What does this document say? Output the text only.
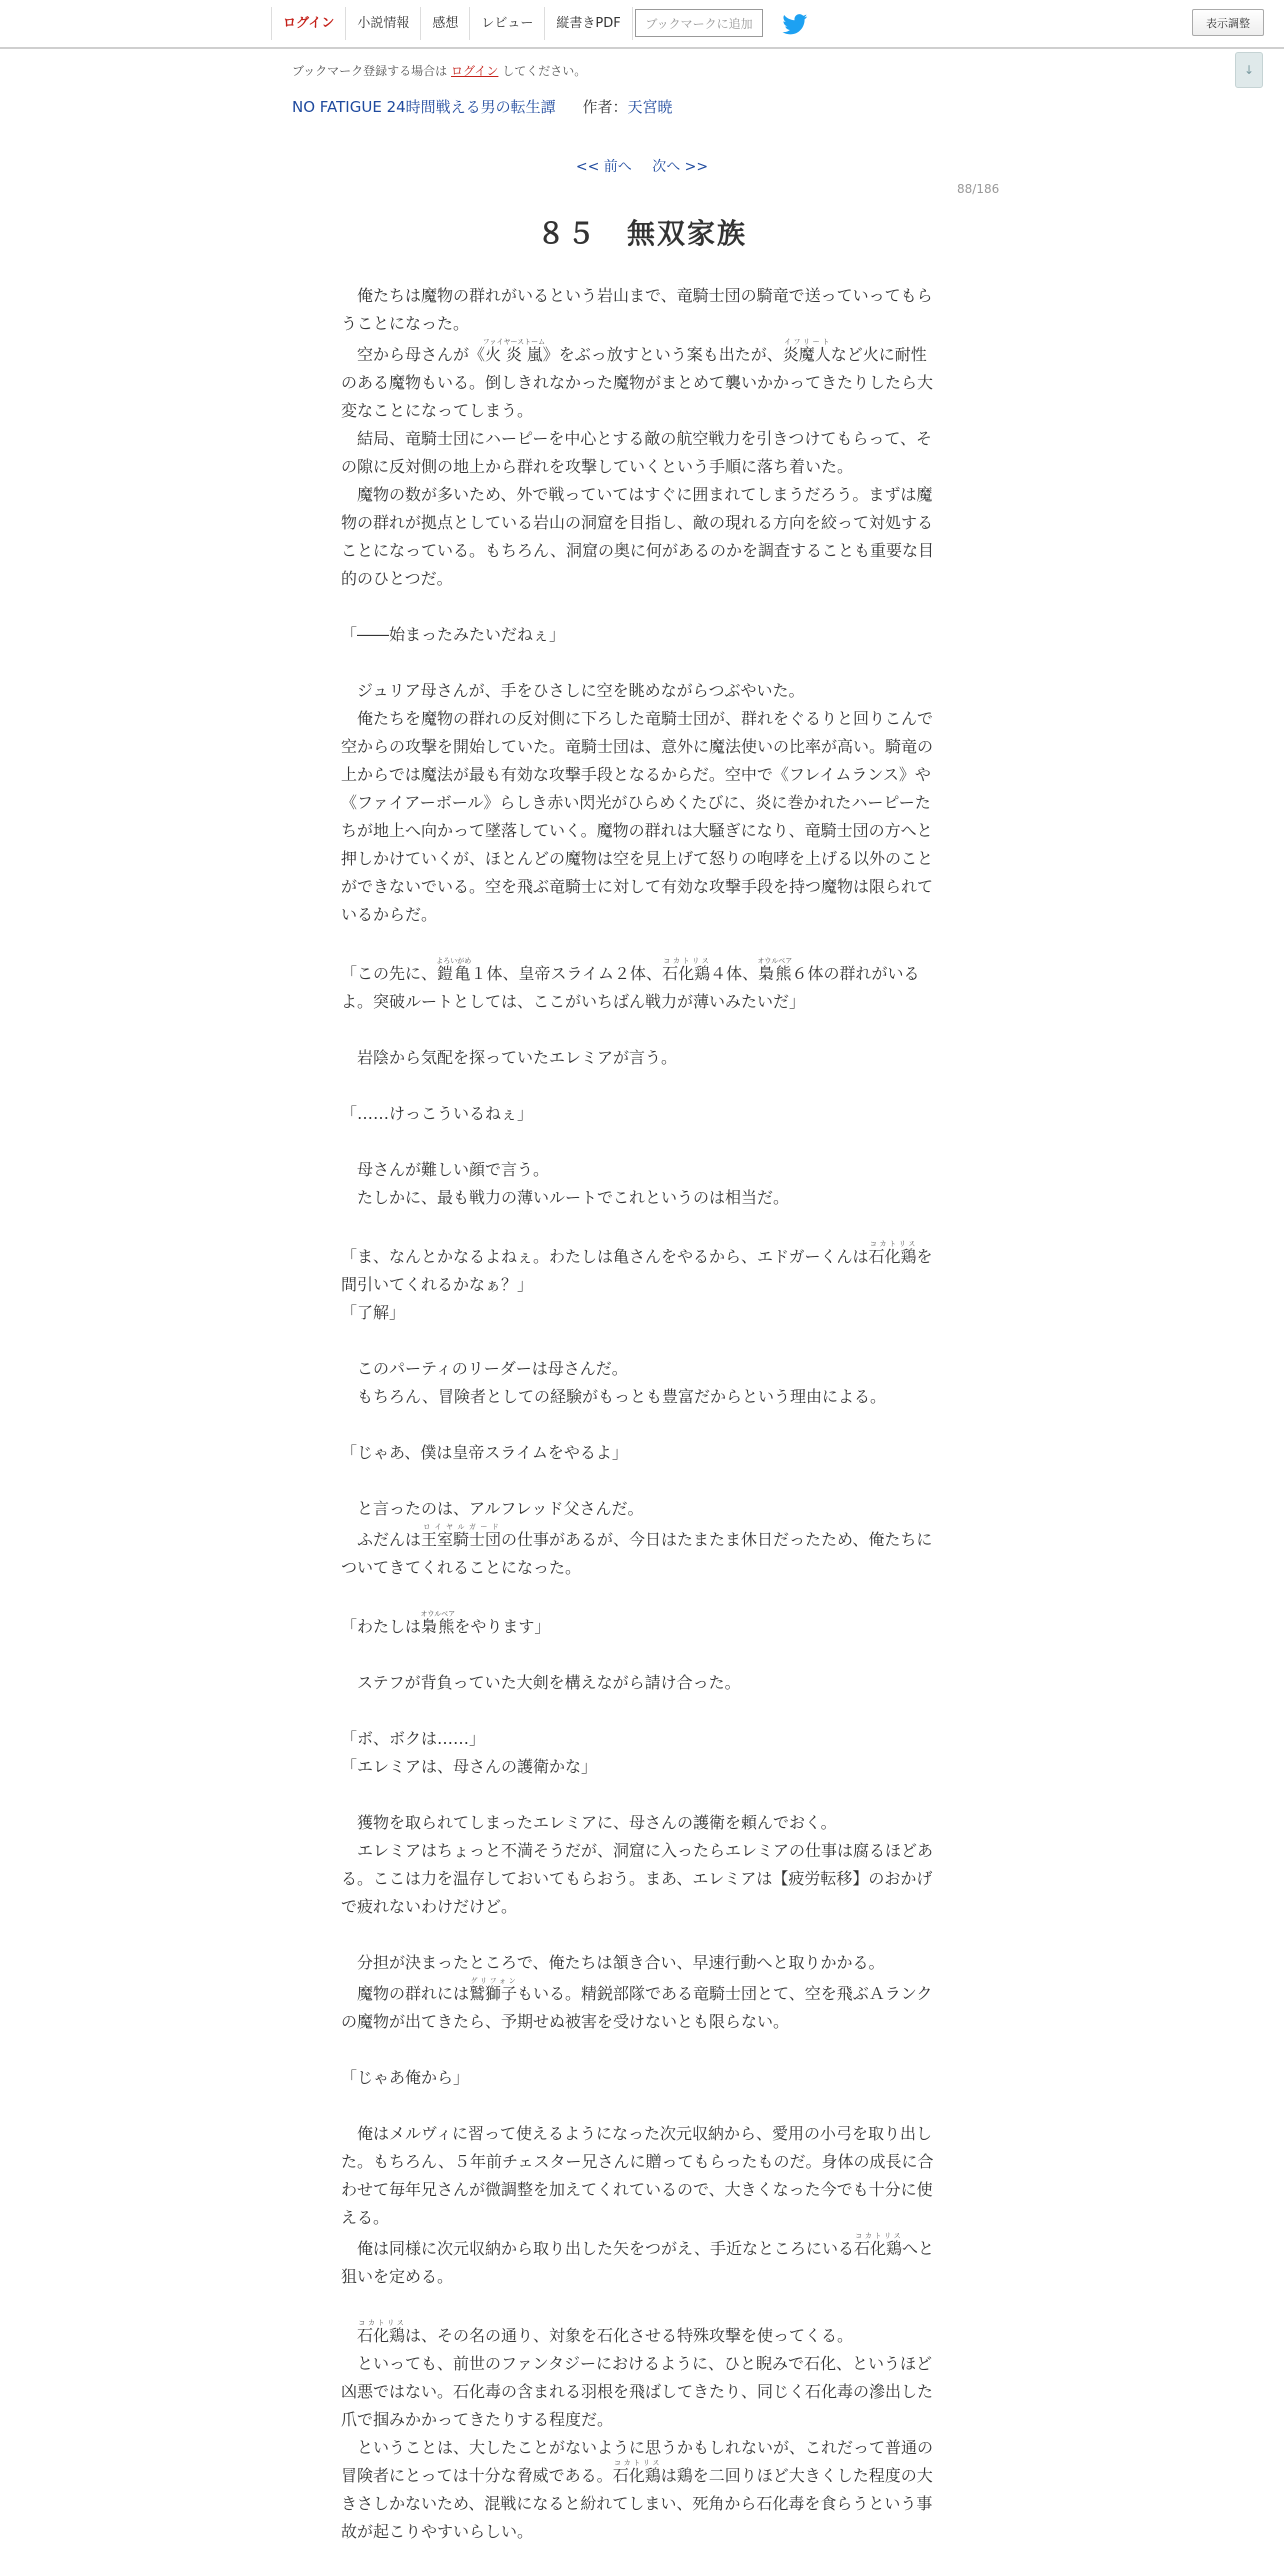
ログイン	小説情報	感想	レビュー	縦書きPDF	ブックマークに追加	表示調整
↓
ブックマーク登録する場合は ログイン してください。
NO FATIGUE 24時間戦える男の転生譚 作者：天宮暁
<< 前へ 次へ >>
88/186
８５　無双家族

　俺たちは魔物の群れがいるという岩山まで、竜騎士団の騎竜で送っていってもらうことになった。

　空から母さんが《火炎嵐ファイヤーストーム》をぶっ放すという案も出たが、炎魔人イフリートなど火に耐性のある魔物もいる。倒しきれなかった魔物がまとめて襲いかかってきたりしたら大変なことになってしまう。

　結局、竜騎士団にハーピーを中心とする敵の航空戦力を引きつけてもらって、その隙に反対側の地上から群れを攻撃していくという手順に落ち着いた。

　魔物の数が多いため、外で戦っていてはすぐに囲まれてしまうだろう。まずは魔物の群れが拠点としている岩山の洞窟を目指し、敵の現れる方向を絞って対処することになっている。もちろん、洞窟の奥に何があるのかを調査することも重要な目的のひとつだ。

「――始まったみたいだねぇ」

　ジュリア母さんが、手をひさしに空を眺めながらつぶやいた。

　俺たちを魔物の群れの反対側に下ろした竜騎士団が、群れをぐるりと回りこんで空からの攻撃を開始していた。竜騎士団は、意外に魔法使いの比率が高い。騎竜の上からでは魔法が最も有効な攻撃手段となるからだ。空中で《フレイムランス》や《ファイアーボール》らしき赤い閃光がひらめくたびに、炎に巻かれたハーピーたちが地上へ向かって墜落していく。魔物の群れは大騒ぎになり、竜騎士団の方へと押しかけていくが、ほとんどの魔物は空を見上げて怒りの咆哮を上げる以外のことができないでいる。空を飛ぶ竜騎士に対して有効な攻撃手段を持つ魔物は限られているからだ。

「この先に、鎧亀よろいがめ１体、皇帝スライム２体、石化鶏コカトリス４体、梟熊オウルベア６体の群れがいるよ。突破ルートとしては、ここがいちばん戦力が薄いみたいだ」

　岩陰から気配を探っていたエレミアが言う。

「……けっこういるねぇ」

　母さんが難しい顔で言う。

　たしかに、最も戦力の薄いルートでこれというのは相当だ。

「ま、なんとかなるよねぇ。わたしは亀さんをやるから、エドガーくんは石化鶏コカトリスを間引いてくれるかなぁ？」

「了解」

　このパーティのリーダーは母さんだ。

　もちろん、冒険者としての経験がもっとも豊富だからという理由による。

「じゃあ、僕は皇帝スライムをやるよ」

　と言ったのは、アルフレッド父さんだ。

　ふだんは王室騎士団ロイヤルガードの仕事があるが、今日はたまたま休日だったため、俺たちについてきてくれることになった。

「わたしは梟熊オウルベアをやります」

　ステフが背負っていた大剣を構えながら請け合った。

「ボ、ボクは……」

「エレミアは、母さんの護衛かな」

　獲物を取られてしまったエレミアに、母さんの護衛を頼んでおく。

　エレミアはちょっと不満そうだが、洞窟に入ったらエレミアの仕事は腐るほどある。ここは力を温存しておいてもらおう。まあ、エレミアは【疲労転移】のおかげで疲れないわけだけど。

　分担が決まったところで、俺たちは頷き合い、早速行動へと取りかかる。

　魔物の群れには鷲獅子グリフォンもいる。精鋭部隊である竜騎士団とて、空を飛ぶＡランクの魔物が出てきたら、予期せぬ被害を受けないとも限らない。

「じゃあ俺から」

　俺はメルヴィに習って使えるようになった次元収納から、愛用の小弓を取り出した。もちろん、５年前チェスター兄さんに贈ってもらったものだ。身体の成長に合わせて毎年兄さんが微調整を加えてくれているので、大きくなった今でも十分に使える。

　俺は同様に次元収納から取り出した矢をつがえ、手近なところにいる石化鶏コカトリスへと狙いを定める。

　石化鶏コカトリスは、その名の通り、対象を石化させる特殊攻撃を使ってくる。

　といっても、前世のファンタジーにおけるように、ひと睨みで石化、というほど凶悪ではない。石化毒の含まれる羽根を飛ばしてきたり、同じく石化毒の滲出した爪で掴みかかってきたりする程度だ。

　ということは、大したことがないように思うかもしれないが、これだって普通の冒険者にとっては十分な脅威である。石化鶏コカトリスは鶏を二回りほど大きくした程度の大きさしかないため、混戦になると紛れてしまい、死角から石化毒を食らうという事故が起こりやすいらしい。
